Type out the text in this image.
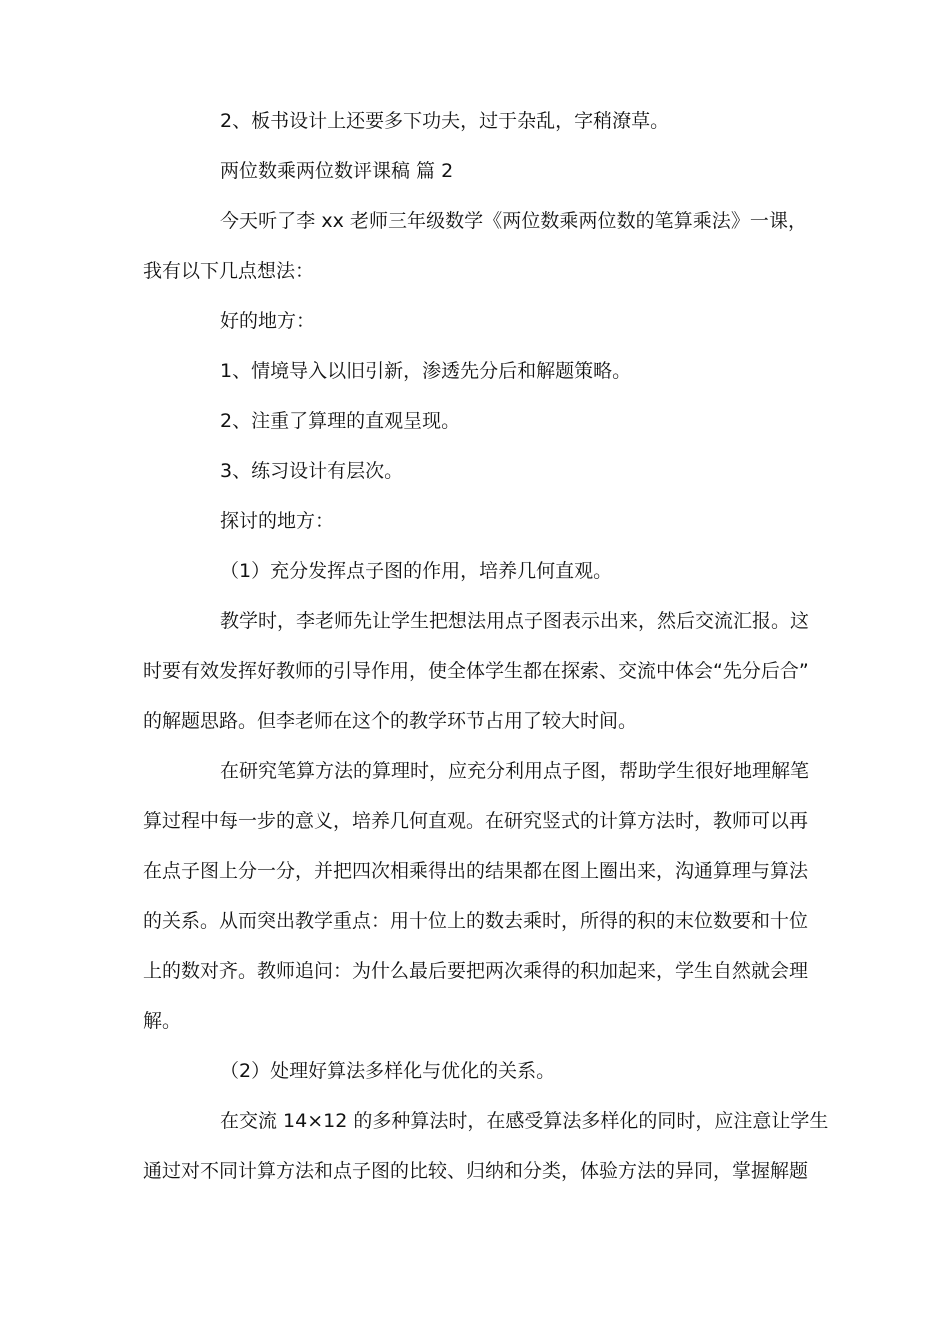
2、板书设计上还要多下功夫，过于杂乱，字稍潦草。
两位数乘两位数评课稿 篇 2
今天听了李 xx 老师三年级数学《两位数乘两位数的笔算乘法》一课，
我有以下几点想法：
好的地方：
1、情境导入以旧引新，渗透先分后和解题策略。
2、注重了算理的直观呈现。
3、练习设计有层次。
探讨的地方：
（1）充分发挥点子图的作用，培养几何直观。
教学时，李老师先让学生把想法用点子图表示出来，然后交流汇报。这
时要有效发挥好教师的引导作用，使全体学生都在探索、交流中体会“先分后合”
的解题思路。但李老师在这个的教学环节占用了较大时间。
在研究笔算方法的算理时，应充分利用点子图，帮助学生很好地理解笔
算过程中每一步的意义，培养几何直观。在研究竖式的计算方法时，教师可以再
在点子图上分一分，并把四次相乘得出的结果都在图上圈出来，沟通算理与算法
的关系。从而突出教学重点：用十位上的数去乘时，所得的积的末位数要和十位
上的数对齐。教师追问：为什么最后要把两次乘得的积加起来，学生自然就会理
解。
（2）处理好算法多样化与优化的关系。
在交流 14×12 的多种算法时，在感受算法多样化的同时，应注意让学生
通过对不同计算方法和点子图的比较、归纳和分类，体验方法的异同，掌握解题
